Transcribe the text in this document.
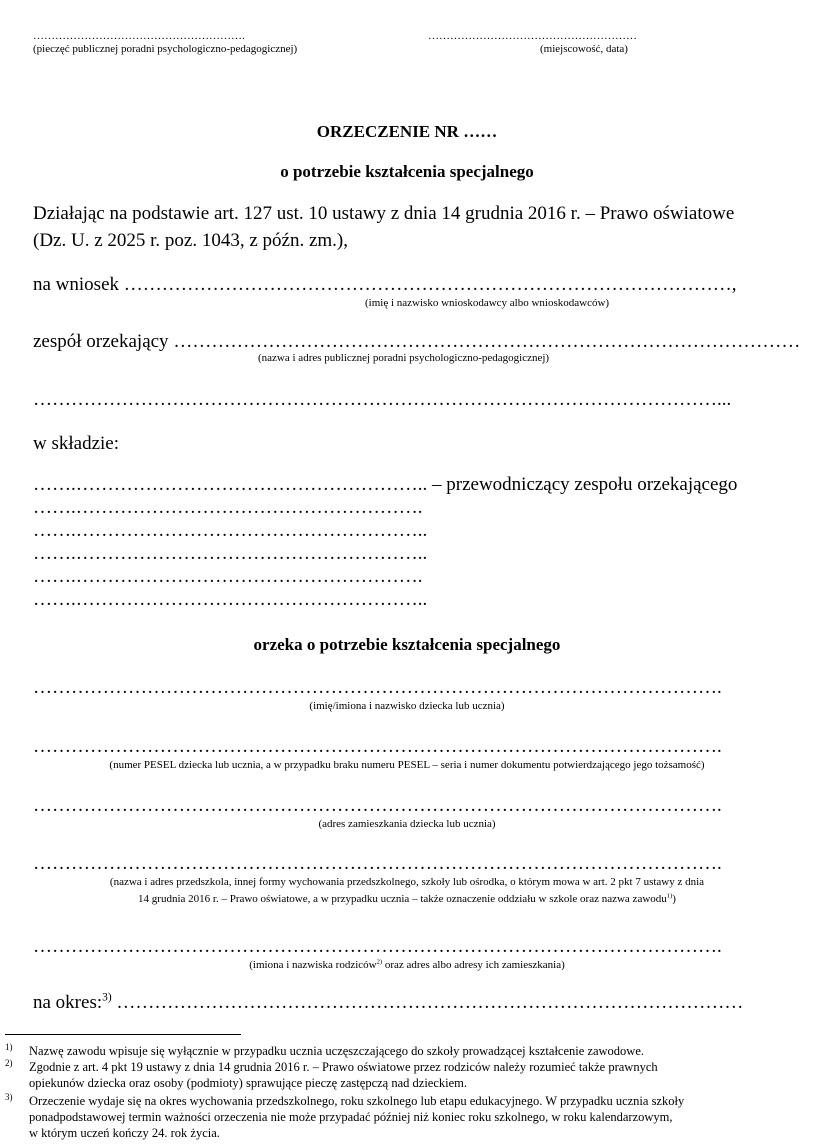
………………………………………………….
(pieczęć publicznej poradni psychologiczno-pedagogicznej)
…………………………………………………
(miejscowość, data)
ORZECZENIE NR ……
o potrzebie kształcenia specjalnego
Działając na podstawie art. 127 ust. 10 ustawy z dnia 14 grudnia 2016 r. – Prawo oświatowe
(Dz. U. z 2025 r. poz. 1043, z późn. zm.),
na wniosek ……………………………………………………………………………………,
(imię i nazwisko wnioskodawcy albo wnioskodawców)
zespół orzekający ………………………………………………………………………………………
(nazwa i adres publicznej poradni psychologiczno-pedagogicznej)
………………………………………………………………………………………………...
w składzie:
…….……………………………………………….. – przewodniczący zespołu orzekającego
…….……………………………………………….
…….………………………………………………..
…….………………………………………………..
…….……………………………………………….
…….………………………………………………..
orzeka o potrzebie kształcenia specjalnego
……………………………………………………………………………………………….
(imię/imiona i nazwisko dziecka lub ucznia)
……………………………………………………………………………………………….
(numer PESEL dziecka lub ucznia, a w przypadku braku numeru PESEL – seria i numer dokumentu potwierdzającego jego tożsamość)
……………………………………………………………………………………………….
(adres zamieszkania dziecka lub ucznia)
……………………………………………………………………………………………….
(nazwa i adres przedszkola, innej formy wychowania przedszkolnego, szkoły lub ośrodka, o którym mowa w art. 2 pkt 7 ustawy z dnia
14 grudnia 2016 r. – Prawo oświatowe, a w przypadku ucznia – także oznaczenie oddziału w szkole oraz nazwa zawodu$^{1)}$)
……………………………………………………………………………………………….
(imiona i nazwiska rodziców$^{2)}$ oraz adres albo adresy ich zamieszkania)
na okres:$^{3)}$ ………………………………………………………………………………………
1) Nazwę zawodu wpisuje się wyłącznie w przypadku ucznia uczęszczającego do szkoły prowadzącej kształcenie zawodowe.
2) Zgodnie z art. 4 pkt 19 ustawy z dnia 14 grudnia 2016 r. – Prawo oświatowe przez rodziców należy rozumieć także prawnych
opiekunów dziecka oraz osoby (podmioty) sprawujące pieczę zastępczą nad dzieckiem.
3) Orzeczenie wydaje się na okres wychowania przedszkolnego, roku szkolnego lub etapu edukacyjnego. W przypadku ucznia szkoły
ponadpodstawowej termin ważności orzeczenia nie może przypadać później niż koniec roku szkolnego, w roku kalendarzowym,
w którym uczeń kończy 24. rok życia.
